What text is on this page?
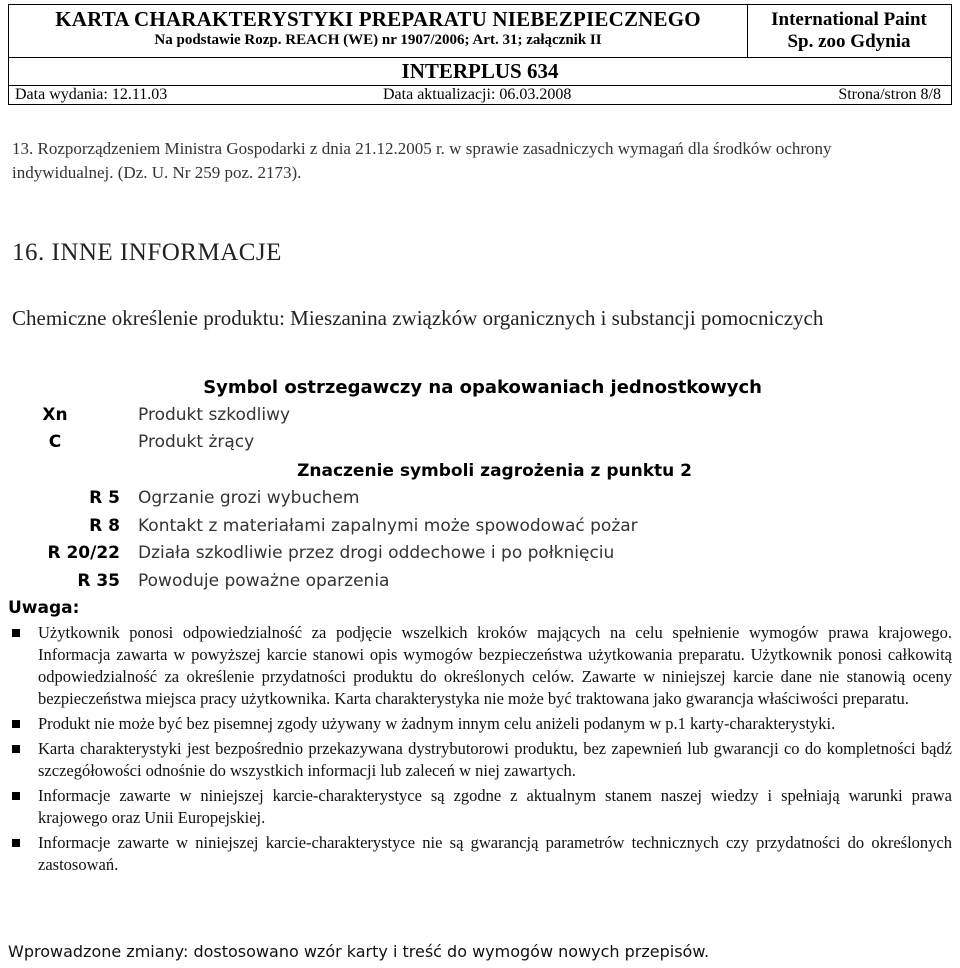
KARTA CHARAKTERYSTYKI PREPARATU NIEBEZPIECZNEGO
Na podstawie Rozp. REACH (WE) nr 1907/2006; Art. 31; załącznik II
International Paint
Sp. zoo Gdynia
INTERPLUS 634
Data wydania: 12.11.03	Data aktualizacji: 06.03.2008	Strona/stron 8/8
13. Rozporządzeniem Ministra Gospodarki z dnia 21.12.2005 r. w sprawie zasadniczych wymagań dla środków ochrony indywidualnej. (Dz. U. Nr 259 poz. 2173).
16. INNE INFORMACJE
Chemiczne określenie produktu: Mieszanina związków organicznych i substancji pomocniczych
Symbol ostrzegawczy na opakowaniach jednostkowych
Xn	Produkt szkodliwy
C	Produkt żrący
Znaczenie symboli zagrożenia z punktu 2
R 5 Ogrzanie grozi wybuchem
R 8 Kontakt z materiałami zapalnymi może spowodować pożar
R 20/22 Działa szkodliwie przez drogi oddechowe i po połknięciu
R 35 Powoduje poważne oparzenia
Uwaga:
Użytkownik ponosi odpowiedzialność za podjęcie wszelkich kroków mających na celu spełnienie wymogów prawa krajowego. Informacja zawarta w powyższej karcie stanowi opis wymogów bezpieczeństwa użytkowania preparatu. Użytkownik ponosi całkowitą odpowiedzialność za określenie przydatności produktu do określonych celów. Zawarte w niniejszej karcie dane nie stanowią oceny bezpieczeństwa miejsca pracy użytkownika. Karta charakterystyka nie może być traktowana jako gwarancja właściwości preparatu.
Produkt nie może być bez pisemnej zgody używany w żadnym innym celu aniżeli podanym w p.1 karty-charakterystyki.
Karta charakterystyki jest bezpośrednio przekazywana dystrybutorowi produktu, bez zapewnień lub gwarancji co do kompletności bądź szczegółowości odnośnie do wszystkich informacji lub zaleceń w niej zawartych.
Informacje zawarte w niniejszej karcie-charakterystyce są zgodne z aktualnym stanem naszej wiedzy i spełniają warunki prawa krajowego oraz Unii Europejskiej.
Informacje zawarte w niniejszej karcie-charakterystyce nie są gwarancją parametrów technicznych czy przydatności do określonych zastosowań.
Wprowadzone zmiany: dostosowano wzór karty i treść do wymogów nowych przepisów.
